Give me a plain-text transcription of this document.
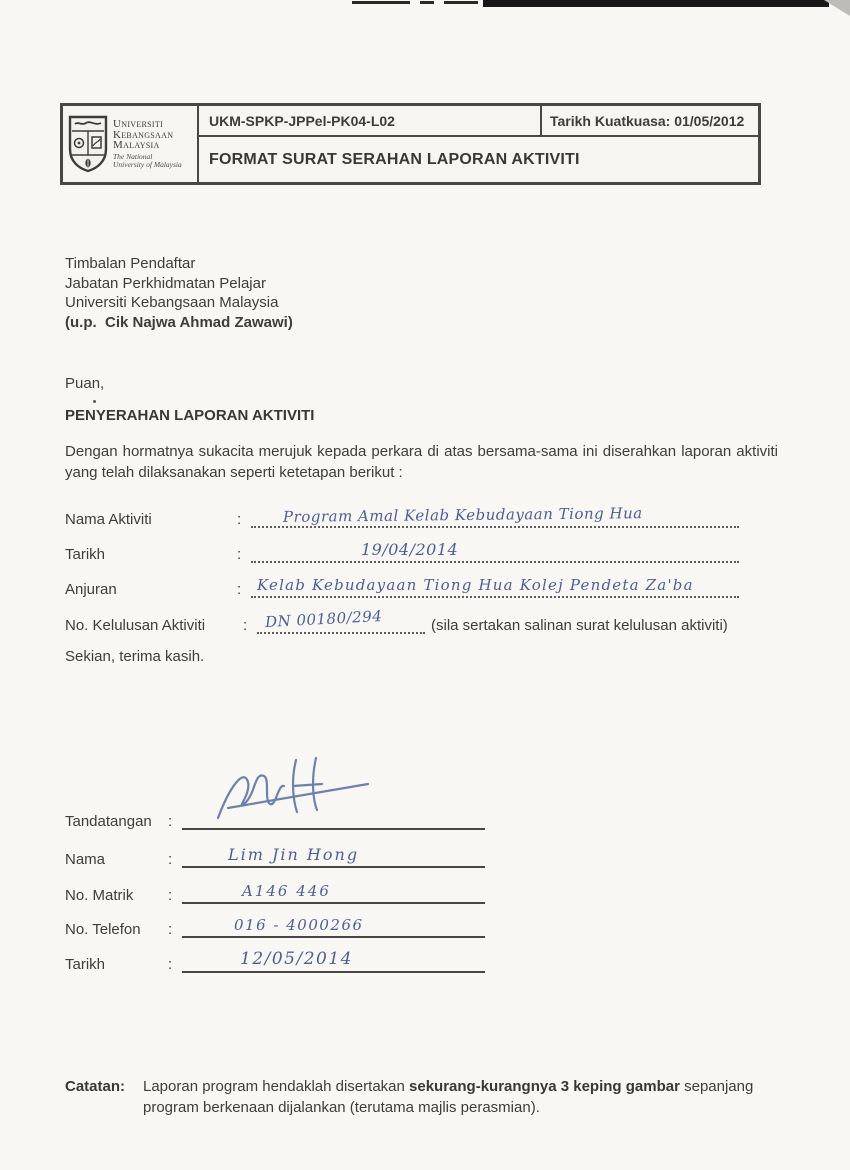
Universiti
Kebangsaan
Malaysia
The National University of Malaysia
UKM-SPKP-JPPel-PK04-L02	Tarikh Kuatkuasa: 01/05/2012
FORMAT SURAT SERAHAN LAPORAN AKTIVITI
Timbalan Pendaftar
Jabatan Perkhidmatan Pelajar
Universiti Kebangsaan Malaysia
(u.p.  Cik Najwa Ahmad Zawawi)
Puan,
PENYERAHAN LAPORAN AKTIVITI
Dengan hormatnya sukacita merujuk kepada perkara di atas bersama-sama ini diserahkan laporan aktiviti yang telah dilaksanakan seperti ketetapan berikut :
Nama Aktiviti	:	Program Amal Kelab Kebudayaan Tiong Hua
Tarikh	:	19/04/2014
Anjuran	:	Kelab Kebudayaan Tiong Hua Kolej Pendeta Za'ba
No. Kelulusan Aktiviti	:	DN 00180/294	(sila sertakan salinan surat kelulusan aktiviti)
Sekian, terima kasih.
Tandatangan	:
Nama	:	Lim Jin Hong
No. Matrik	:	A146 446
No. Telefon	:	016 - 4000266
Tarikh	:	12/05/2014
Catatan:	Laporan program hendaklah disertakan sekurang-kurangnya 3 keping gambar sepanjang program berkenaan dijalankan (terutama majlis perasmian).
